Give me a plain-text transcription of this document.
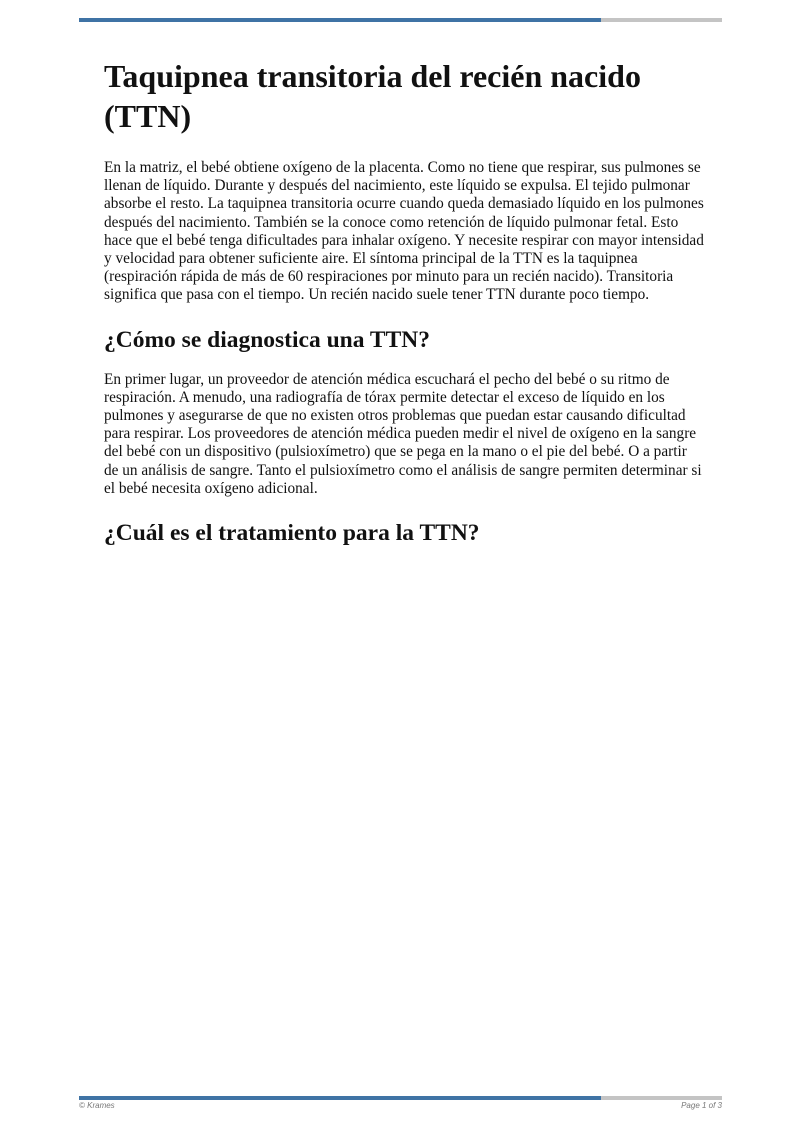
Taquipnea transitoria del recién nacido (TTN)

En la matriz, el bebé obtiene oxígeno de la placenta. Como no tiene que respirar, sus pulmones se llenan de líquido. Durante y después del nacimiento, este líquido se expulsa. El tejido pulmonar absorbe el resto. La taquipnea transitoria ocurre cuando queda demasiado líquido en los pulmones después del nacimiento. También se la conoce como retención de líquido pulmonar fetal. Esto hace que el bebé tenga dificultades para inhalar oxígeno. Y necesite respirar con mayor intensidad y velocidad para obtener suficiente aire. El síntoma principal de la TTN es la taquipnea (respiración rápida de más de 60 respiraciones por minuto para un recién nacido). Transitoria significa que pasa con el tiempo. Un recién nacido suele tener TTN durante poco tiempo.

¿Cómo se diagnostica una TTN?

En primer lugar, un proveedor de atención médica escuchará el pecho del bebé o su ritmo de respiración. A menudo, una radiografía de tórax permite detectar el exceso de líquido en los pulmones y asegurarse de que no existen otros problemas que puedan estar causando dificultad para respirar. Los proveedores de atención médica pueden medir el nivel de oxígeno en la sangre del bebé con un dispositivo (pulsioxímetro) que se pega en la mano o el pie del bebé. O a partir de un análisis de sangre. Tanto el pulsioxímetro como el análisis de sangre permiten determinar si el bebé necesita oxígeno adicional.

¿Cuál es el tratamiento para la TTN?
© Krames	Page 1 of 3
